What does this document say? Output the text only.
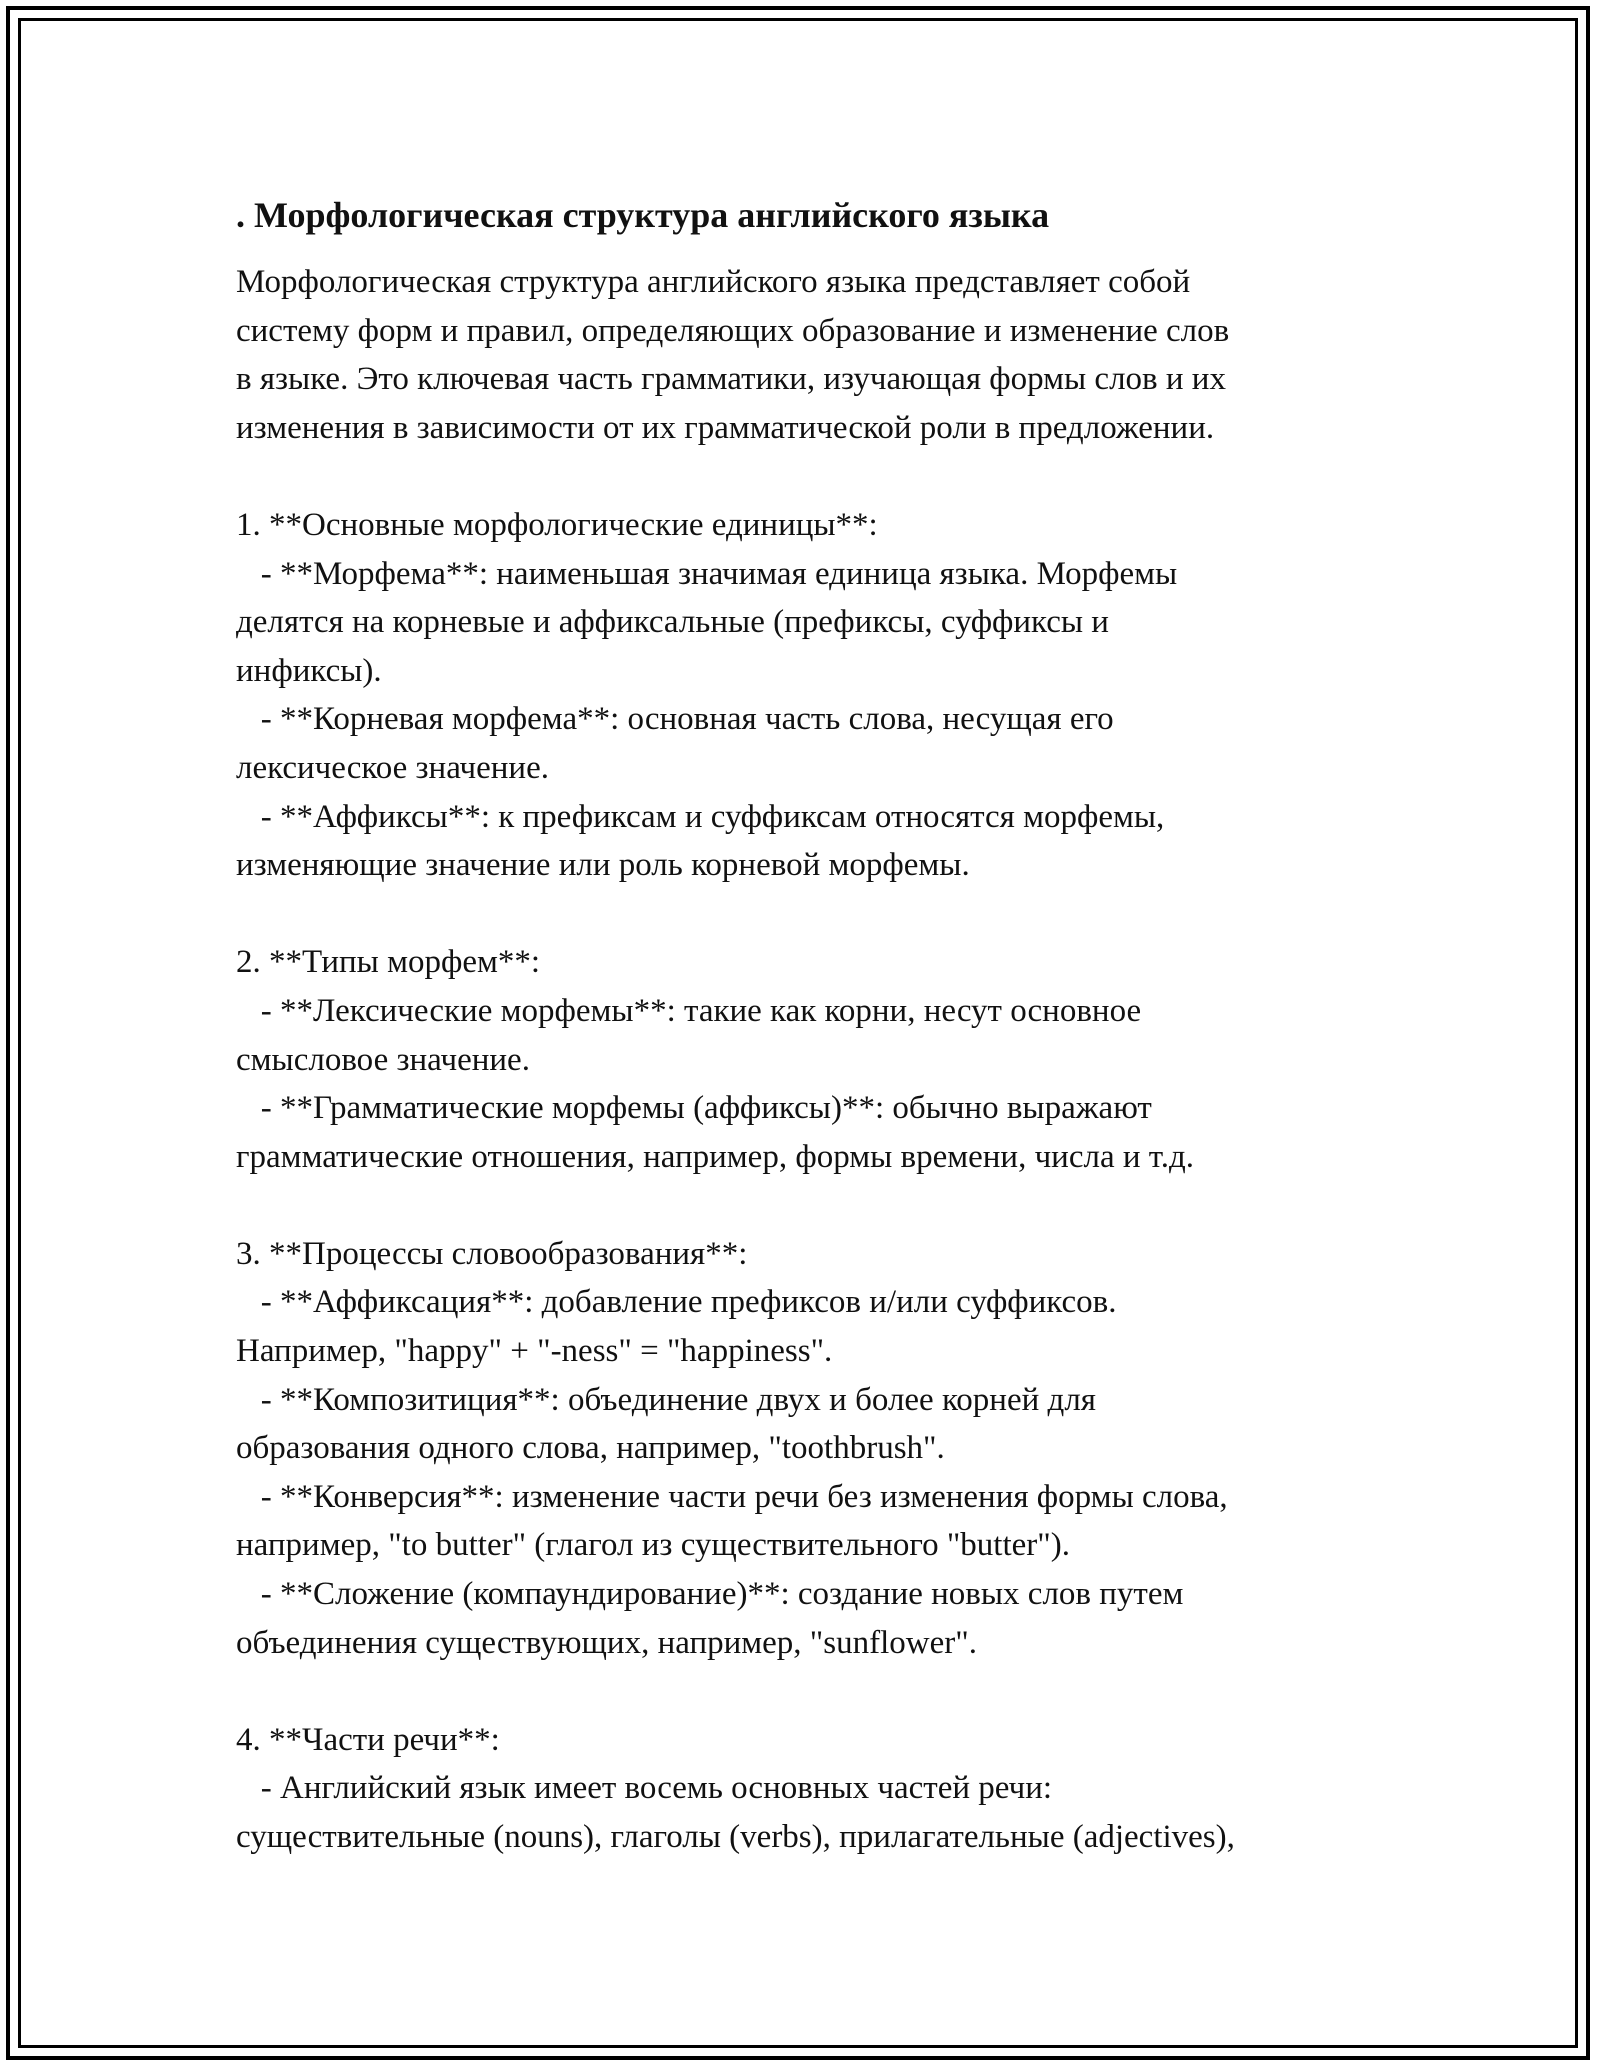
. Морфологическая структура английского языка

Морфологическая структура английского языка представляет собой
систему форм и правил, определяющих образование и изменение слов
в языке. Это ключевая часть грамматики, изучающая формы слов и их
изменения в зависимости от их грамматической роли в предложении.

1. **Основные морфологические единицы**:
- **Морфема**: наименьшая значимая единица языка. Морфемы
делятся на корневые и аффиксальные (префиксы, суффиксы и
инфиксы).
- **Корневая морфема**: основная часть слова, несущая его
лексическое значение.
- **Аффиксы**: к префиксам и суффиксам относятся морфемы,
изменяющие значение или роль корневой морфемы.

2. **Типы морфем**:
- **Лексические морфемы**: такие как корни, несут основное
смысловое значение.
- **Грамматические морфемы (аффиксы)**: обычно выражают
грамматические отношения, например, формы времени, числа и т.д.

3. **Процессы словообразования**:
- **Аффиксация**: добавление префиксов и/или суффиксов.
Например, "happy" + "-ness" = "happiness".
- **Композитиция**: объединение двух и более корней для
образования одного слова, например, "toothbrush".
- **Конверсия**: изменение части речи без изменения формы слова,
например, "to butter" (глагол из существительного "butter").
- **Сложение (компаундирование)**: создание новых слов путем
объединения существующих, например, "sunflower".

4. **Части речи**:
- Английский язык имеет восемь основных частей речи:
существительные (nouns), глаголы (verbs), прилагательные (adjectives),
